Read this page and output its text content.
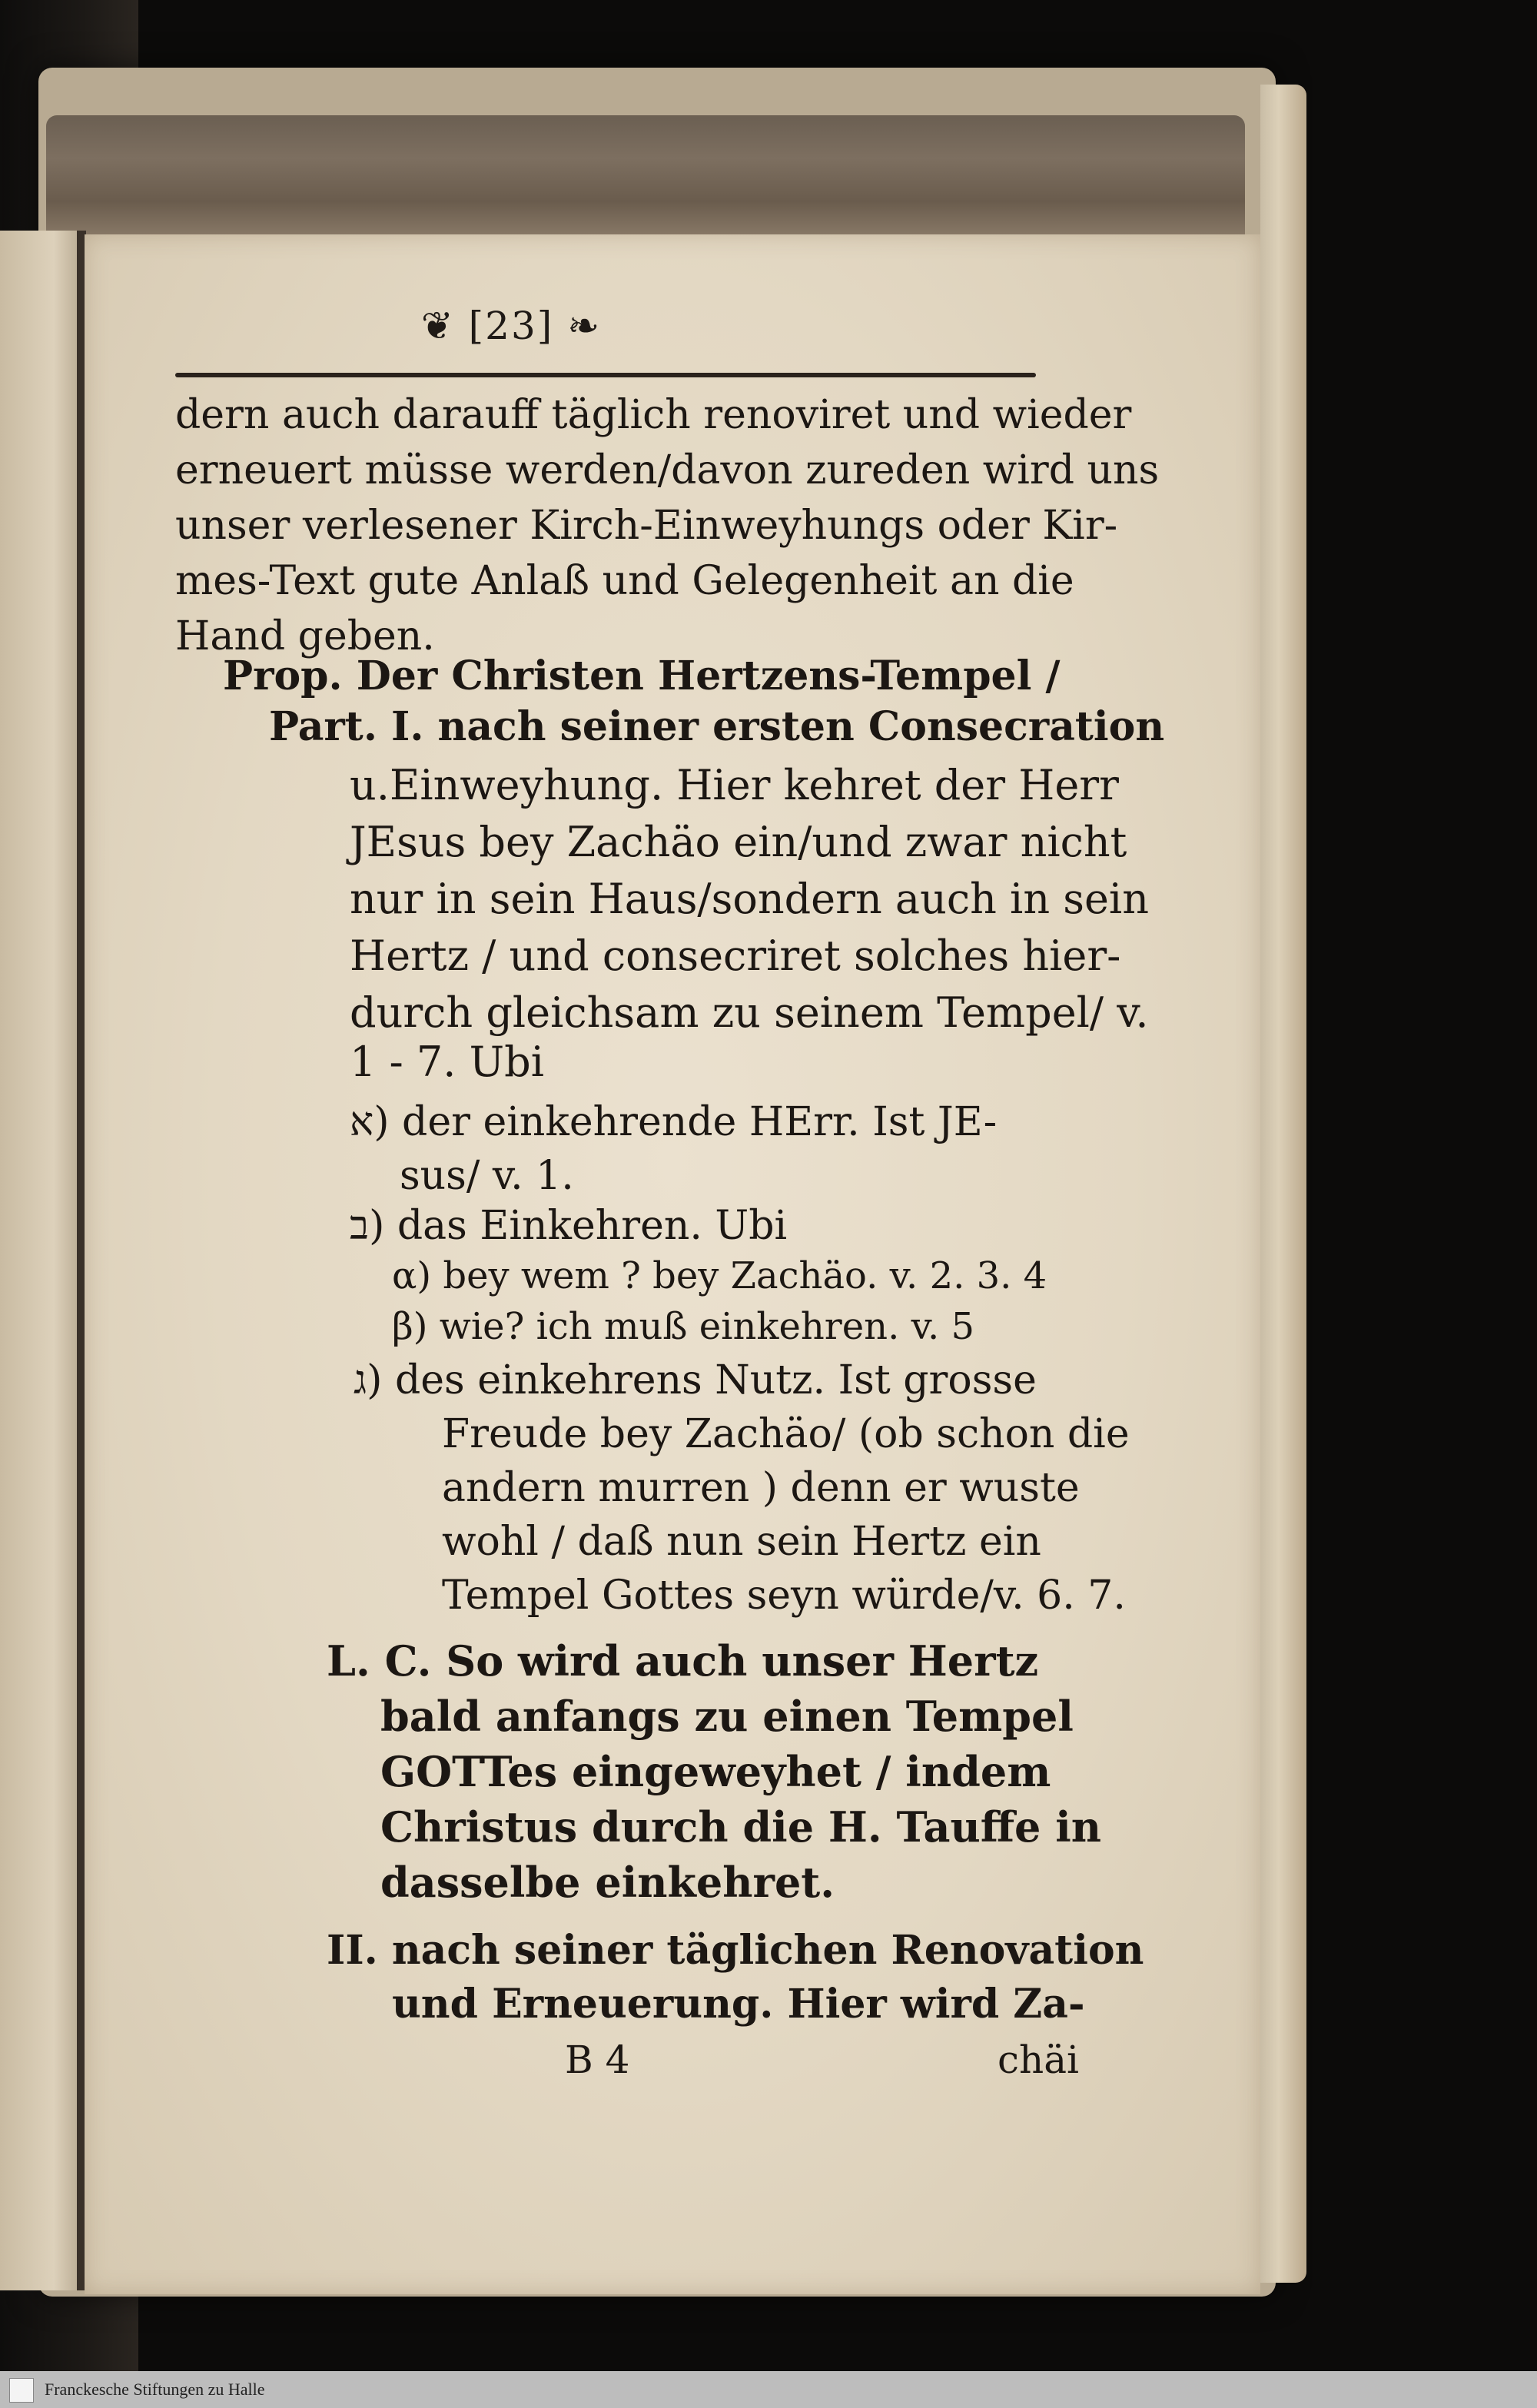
❦ [23] ❧
dern auch darauff täglich renoviret und wieder
erneuert müsse werden/davon zureden wird uns
unser verlesener Kirch-Einweyhungs oder Kir-
mes-Text gute Anlaß und Gelegenheit an die
Hand geben.
Prop. Der Christen Hertzens-Tempel /
Part. I. nach seiner ersten Consecration
u.Einweyhung. Hier kehret der Herr
JEsus bey Zachäo ein/und zwar nicht
nur in sein Haus/sondern auch in sein
Hertz / und consecriret solches hier-
durch gleichsam zu seinem Tempel/ v.
1 - 7. Ubi
א) der einkehrende HErr. Ist JE-
sus/ v. 1.
ב) das Einkehren. Ubi
α) bey wem ? bey Zachäo. v. 2. 3. 4
β) wie? ich muß einkehren. v. 5
ג) des einkehrens Nutz. Ist grosse
Freude bey Zachäo/ (ob schon die
andern murren ) denn er wuste
wohl / daß nun sein Hertz ein
Tempel Gottes seyn würde/v. 6. 7.
L. C. So wird auch unser Hertz
bald anfangs zu einen Tempel
GOTTes eingeweyhet / indem
Christus durch die H. Tauffe in
dasselbe einkehret.
II. nach seiner täglichen Renovation
und Erneuerung. Hier wird Za-
B 4	chäi
Franckesche Stiftungen zu Halle
